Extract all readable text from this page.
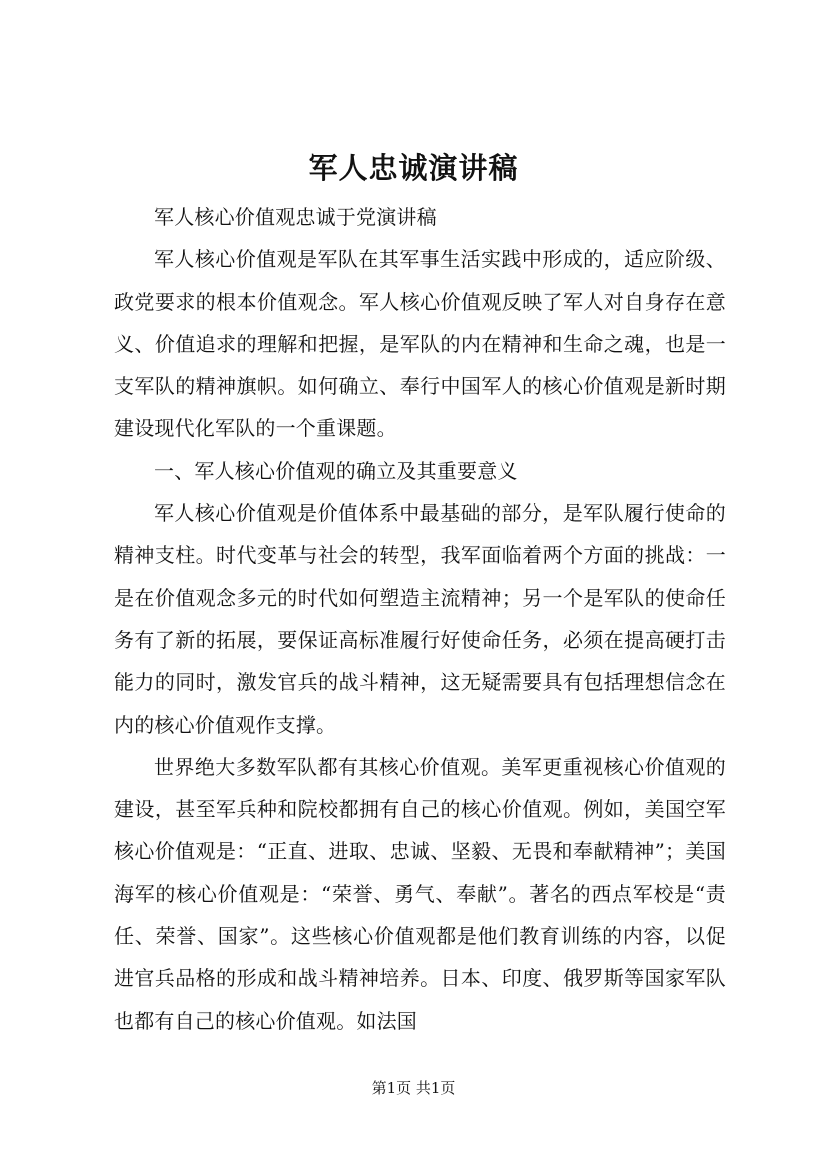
军人忠诚演讲稿

军人核心价值观忠诚于党演讲稿

军人核心价值观是军队在其军事生活实践中形成的，适应阶级、政党要求的根本价值观念。军人核心价值观反映了军人对自身存在意义、价值追求的理解和把握，是军队的内在精神和生命之魂，也是一支军队的精神旗帜。如何确立、奉行中国军人的核心价值观是新时期建设现代化军队的一个重课题。

一、军人核心价值观的确立及其重要意义

军人核心价值观是价值体系中最基础的部分，是军队履行使命的精神支柱。时代变革与社会的转型，我军面临着两个方面的挑战：一是在价值观念多元的时代如何塑造主流精神；另一个是军队的使命任务有了新的拓展，要保证高标准履行好使命任务，必须在提高硬打击能力的同时，激发官兵的战斗精神，这无疑需要具有包括理想信念在内的核心价值观作支撑。

世界绝大多数军队都有其核心价值观。美军更重视核心价值观的建设，甚至军兵种和院校都拥有自己的核心价值观。例如，美国空军核心价值观是：“正直、进取、忠诚、坚毅、无畏和奉献精神”；美国海军的核心价值观是：“荣誉、勇气、奉献”。著名的西点军校是“责任、荣誉、国家”。这些核心价值观都是他们教育训练的内容，以促进官兵品格的形成和战斗精神培养。日本、印度、俄罗斯等国家军队也都有自己的核心价值观。如法国

第1页 共1页
